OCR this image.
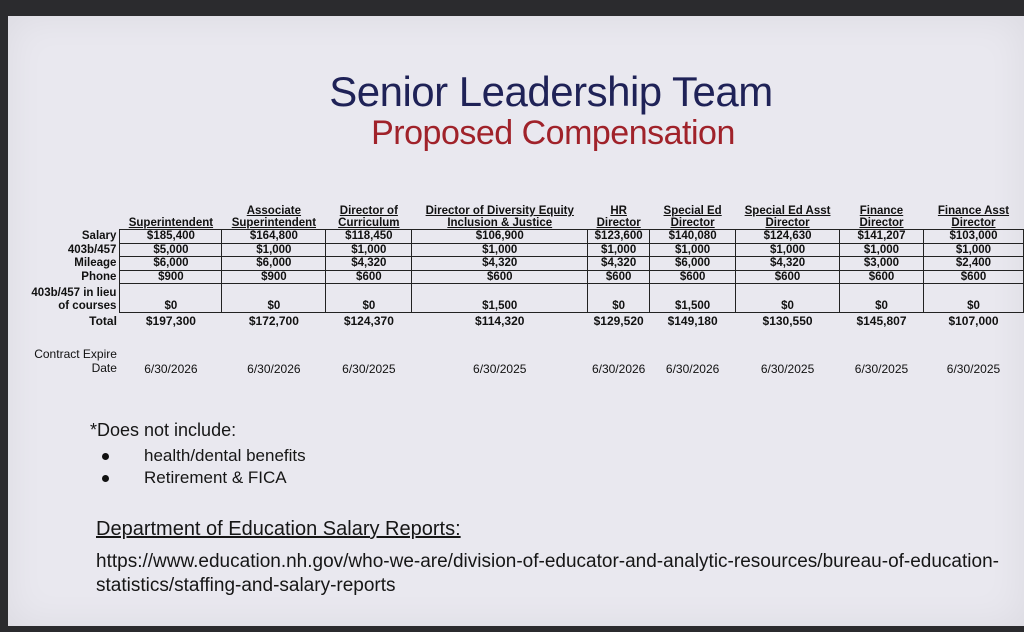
Senior Leadership Team
Proposed Compensation
	Superintendent	Associate Superintendent	Director of Curriculum	Director of Diversity Equity Inclusion & Justice	HR Director	Special Ed Director	Special Ed Asst Director	Finance Director	Finance Asst Director
Salary	$185,400	$164,800	$118,450	$106,900	$123,600	$140,080	$124,630	$141,207	$103,000
403b/457	$5,000	$1,000	$1,000	$1,000	$1,000	$1,000	$1,000	$1,000	$1,000
Mileage	$6,000	$6,000	$4,320	$4,320	$4,320	$6,000	$4,320	$3,000	$2,400
Phone	$900	$900	$600	$600	$600	$600	$600	$600	$600
403b/457 in lieu of courses	$0	$0	$0	$1,500	$0	$1,500	$0	$0	$0
Total	$197,300	$172,700	$124,370	$114,320	$129,520	$149,180	$130,550	$145,807	$107,000
Contract Expire Date	6/30/2026	6/30/2026	6/30/2025	6/30/2025	6/30/2026	6/30/2026	6/30/2025	6/30/2025	6/30/2025
*Does not include:
health/dental benefits
Retirement & FICA
Department of Education Salary Reports:
https://www.education.nh.gov/who-we-are/division-of-educator-and-analytic-resources/bureau-of-education-statistics/staffing-and-salary-reports
